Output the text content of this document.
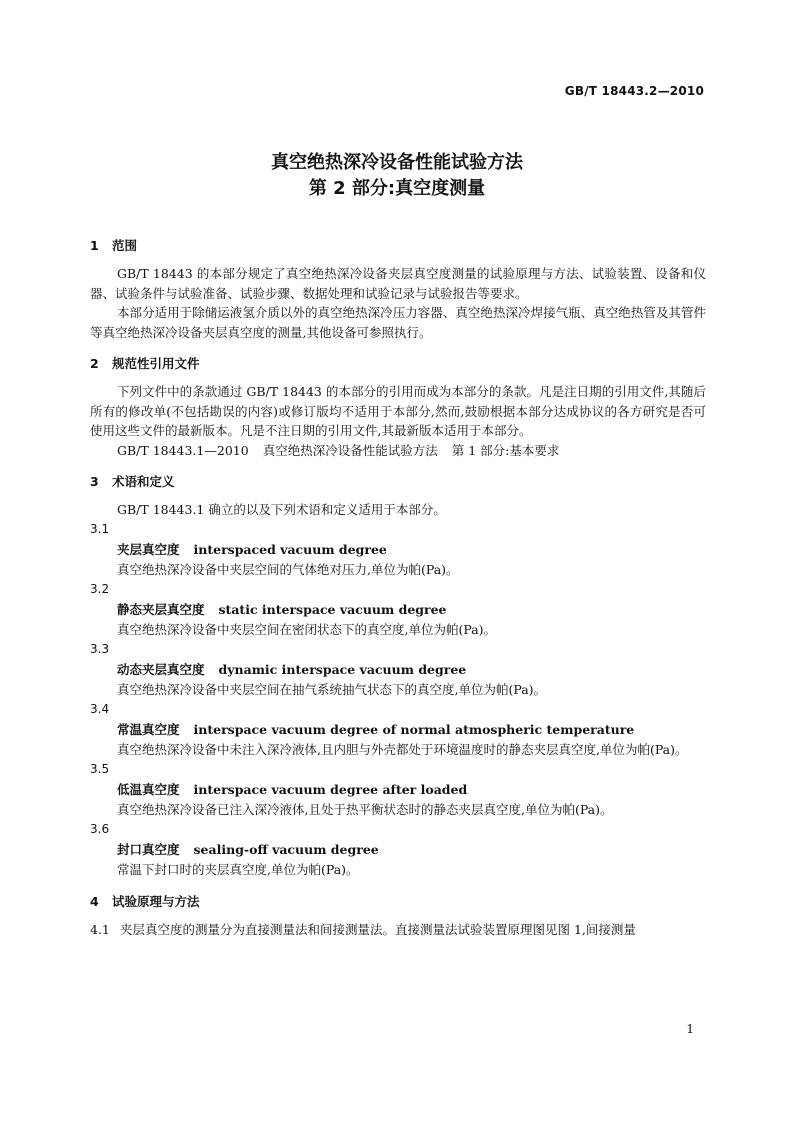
GB/T 18443.2—2010
真空绝热深冷设备性能试验方法
第 2 部分:真空度测量
1 范围

GB/T 18443 的本部分规定了真空绝热深冷设备夹层真空度测量的试验原理与方法、试验装置、设备和仪器、试验条件与试验准备、试验步骤、数据处理和试验记录与试验报告等要求。

本部分适用于除储运液氢介质以外的真空绝热深冷压力容器、真空绝热深冷焊接气瓶、真空绝热管及其管件等真空绝热深冷设备夹层真空度的测量,其他设备可参照执行。

2 规范性引用文件

下列文件中的条款通过 GB/T 18443 的本部分的引用而成为本部分的条款。凡是注日期的引用文件,其随后所有的修改单(不包括勘误的内容)或修订版均不适用于本部分,然而,鼓励根据本部分达成协议的各方研究是否可使用这些文件的最新版本。凡是不注日期的引用文件,其最新版本适用于本部分。

GB/T 18443.1—2010 真空绝热深冷设备性能试验方法 第 1 部分:基本要求

3 术语和定义

GB/T 18443.1 确立的以及下列术语和定义适用于本部分。

3.1

夹层真空度 interspaced vacuum degree

真空绝热深冷设备中夹层空间的气体绝对压力,单位为帕(Pa)。

3.2

静态夹层真空度 static interspace vacuum degree

真空绝热深冷设备中夹层空间在密闭状态下的真空度,单位为帕(Pa)。

3.3

动态夹层真空度 dynamic interspace vacuum degree

真空绝热深冷设备中夹层空间在抽气系统抽气状态下的真空度,单位为帕(Pa)。

3.4

常温真空度 interspace vacuum degree of normal atmospheric temperature

真空绝热深冷设备中未注入深冷液体,且内胆与外壳都处于环境温度时的静态夹层真空度,单位为帕(Pa)。

3.5

低温真空度 interspace vacuum degree after loaded

真空绝热深冷设备已注入深冷液体,且处于热平衡状态时的静态夹层真空度,单位为帕(Pa)。

3.6

封口真空度 sealing-off vacuum degree

常温下封口时的夹层真空度,单位为帕(Pa)。

4 试验原理与方法

4.1 夹层真空度的测量分为直接测量法和间接测量法。直接测量法试验装置原理图见图 1,间接测量

1
